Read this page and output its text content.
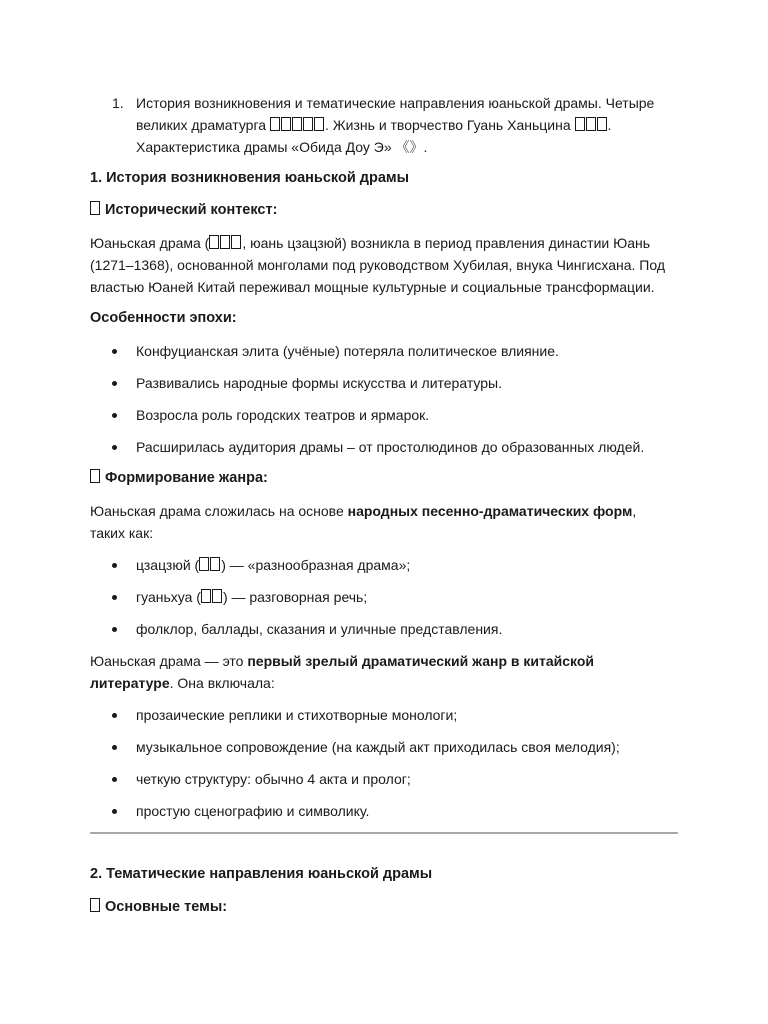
1. История возникновения и тематические направления юаньской драмы. Четыре
великих драматурга	. Жизнь и творчество Гуань Ханьцина .
Характеристика драмы «Обида Доу Э» 《》.
1. История возникновения юаньской драмы
Исторический контекст:
Юаньская драма ( , юань цзацзюй) возникла в период правления династии Юань (1271–1368), основанной монголами под руководством Хубилая, внука Чингисхана. Под властью Юаней Китай переживал мощные культурные и социальные трансформации.
Особенности эпохи:
Конфуцианская элита (учёные) потеряла политическое влияние.
Развивались народные формы искусства и литературы.
Возросла роль городских театров и ярмарок.
Расширилась аудитория драмы – от простолюдинов до образованных людей.
Формирование жанра:
Юаньская драма сложилась на основе народных песенно-драматических форм, таких как:
цзацзюй ( ) — «разнообразная драма»;
гуаньхуа ( ) — разговорная речь;
фолклор, баллады, сказания и уличные представления.
Юаньская драма — это первый зрелый драматический жанр в китайской литературе. Она включала:
прозаические реплики и стихотворные монологи;
музыкальное сопровождение (на каждый акт приходилась своя мелодия);
четкую структуру: обычно 4 акта и пролог;
простую сценографию и символику.
2. Тематические направления юаньской драмы
Основные темы:
